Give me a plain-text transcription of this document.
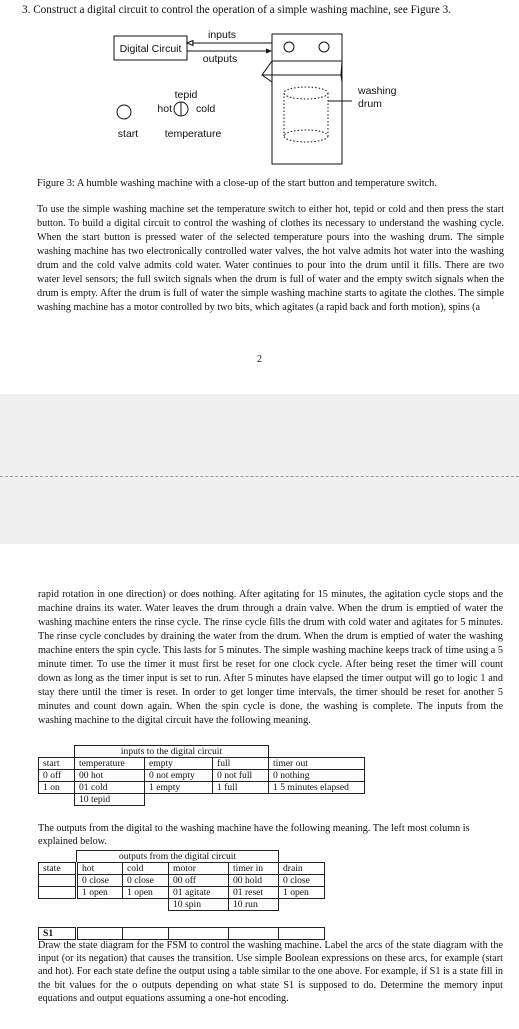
3. Construct a digital circuit to control the operation of a simple washing machine, see Figure 3.
Digital Circuit
inputs
outputs
washing
drum
start
tepid
hot cold
temperature
Figure 3: A humble washing machine with a close-up of the start button and temperature switch.
To use the simple washing machine set the temperature switch to either hot, tepid or cold and then press the start button. To build a digital circuit to control the washing of clothes its necessary to understand the washing cycle. When the start button is pressed water of the selected temperature pours into the washing drum. The simple washing machine has two electronically controlled water valves, the hot valve admits hot water into the washing drum and the cold valve admits cold water. Water continues to pour into the drum until it fills. There are two water level sensors; the full switch signals when the drum is full of water and the empty switch signals when the drum is empty. After the drum is full of water the simple washing machine starts to agitate the clothes. The simple washing machine has a motor controlled by two bits, which agitates (a rapid back and forth motion), spins (a
2
rapid rotation in one direction) or does nothing. After agitating for 15 minutes, the agitation cycle stops and the machine drains its water. Water leaves the drum through a drain valve. When the drum is emptied of water the washing machine enters the rinse cycle. The rinse cycle fills the drum with cold water and agitates for 5 minutes. The rinse cycle concludes by draining the water from the drum. When the drum is emptied of water the washing machine enters the spin cycle. This lasts for 5 minutes. The simple washing machine keeps track of time using a 5 minute timer. To use the timer it must first be reset for one clock cycle. After being reset the timer will count down as long as the timer input is set to run. After 5 minutes have elapsed the timer output will go to logic 1 and stay there until the timer is reset. In order to get longer time intervals, the timer should be reset for another 5 minutes and count down again. When the spin cycle is done, the washing is complete. The inputs from the washing machine to the digital circuit have the following meaning.
	inputs to the digital circuit			
start	temperature	empty	full	timer out
0 off	00 hot	0 not empty	0 not full	0 nothing
1 on	01 cold	1 empty	1 full	1 5 minutes elapsed
	10 tepid			
The outputs from the digital to the washing machine have the following meaning. The left most column is explained below.
	outputs from the digital circuit				
state	hot	cold	motor	timer in	drain
	0 close	0 close	00 off	00 hold	0 close
	1 open	1 open	01 agitate	01 reset	1 open
			10 spin	10 run	
S1					
Draw the state diagram for the FSM to control the washing machine. Label the arcs of the state diagram with the input (or its negation) that causes the transition. Use simple Boolean expressions on these arcs, for example (start and hot). For each state define the output using a table similar to the one above. For example, if S1 is a state fill in the bit values for the o outputs depending on what state S1 is supposed to do. Determine the memory input equations and output equations assuming a one-hot encoding.
